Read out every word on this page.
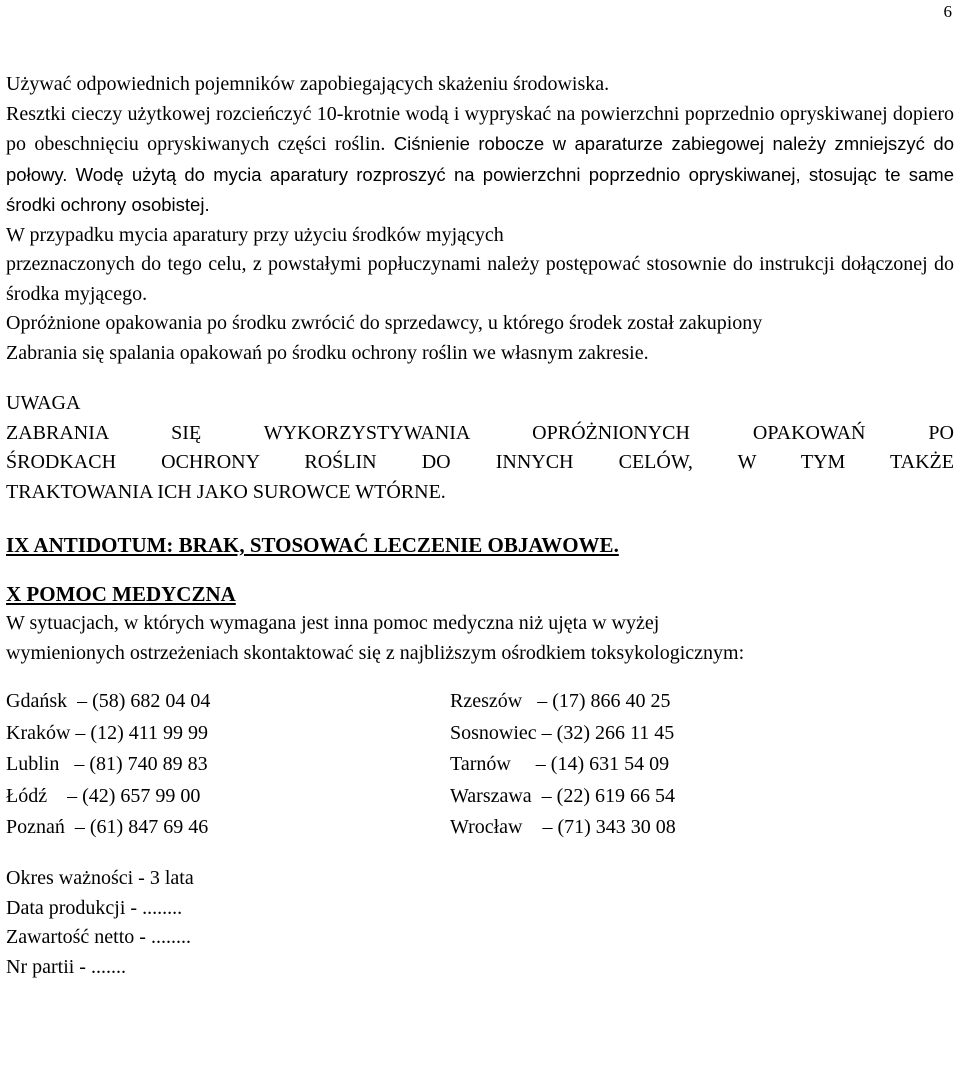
6

Używać odpowiednich pojemników zapobiegających skażeniu środowiska.

Resztki cieczy użytkowej rozcieńczyć 10-krotnie wodą i wypryskać na powierzchni poprzednio opryskiwanej dopiero po obeschnięciu opryskiwanych części roślin. Ciśnienie robocze w aparaturze zabiegowej należy zmniejszyć do połowy. Wodę użytą do mycia aparatury rozproszyć na powierzchni poprzednio opryskiwanej, stosując te same środki ochrony osobistej.

W przypadku mycia aparatury przy użyciu środków myjących

przeznaczonych do tego celu, z powstałymi popłuczynami należy postępować stosownie do instrukcji dołączonej do środka myjącego.

Opróżnione opakowania po środku zwrócić do sprzedawcy, u którego środek został zakupiony

Zabrania się spalania opakowań po środku ochrony roślin we własnym zakresie.

UWAGA

ZABRANIA SIĘ WYKORZYSTYWANIA OPRÓŻNIONYCH OPAKOWAŃ PO

ŚRODKACH OCHRONY ROŚLIN DO INNYCH CELÓW, W TYM TAKŻE

TRAKTOWANIA ICH JAKO SUROWCE WTÓRNE.

IX ANTIDOTUM: BRAK, STOSOWAĆ LECZENIE OBJAWOWE.

X POMOC MEDYCZNA

W sytuacjach, w których wymagana jest inna pomoc medyczna niż ujęta w wyżej

wymienionych ostrzeżeniach skontaktować się z najbliższym ośrodkiem toksykologicznym:

Gdańsk  – (58) 682 04 04
Kraków – (12) 411 99 99
Lublin   – (81) 740 89 83
Łódź    – (42) 657 99 00
Poznań  – (61) 847 69 46
Rzeszów   – (17) 866 40 25
Sosnowiec – (32) 266 11 45
Tarnów     – (14) 631 54 09
Warszawa  – (22) 619 66 54
Wrocław    – (71) 343 30 08
Okres ważności - 3 lata
Data produkcji - ........
Zawartość netto - ........
Nr partii - .......
